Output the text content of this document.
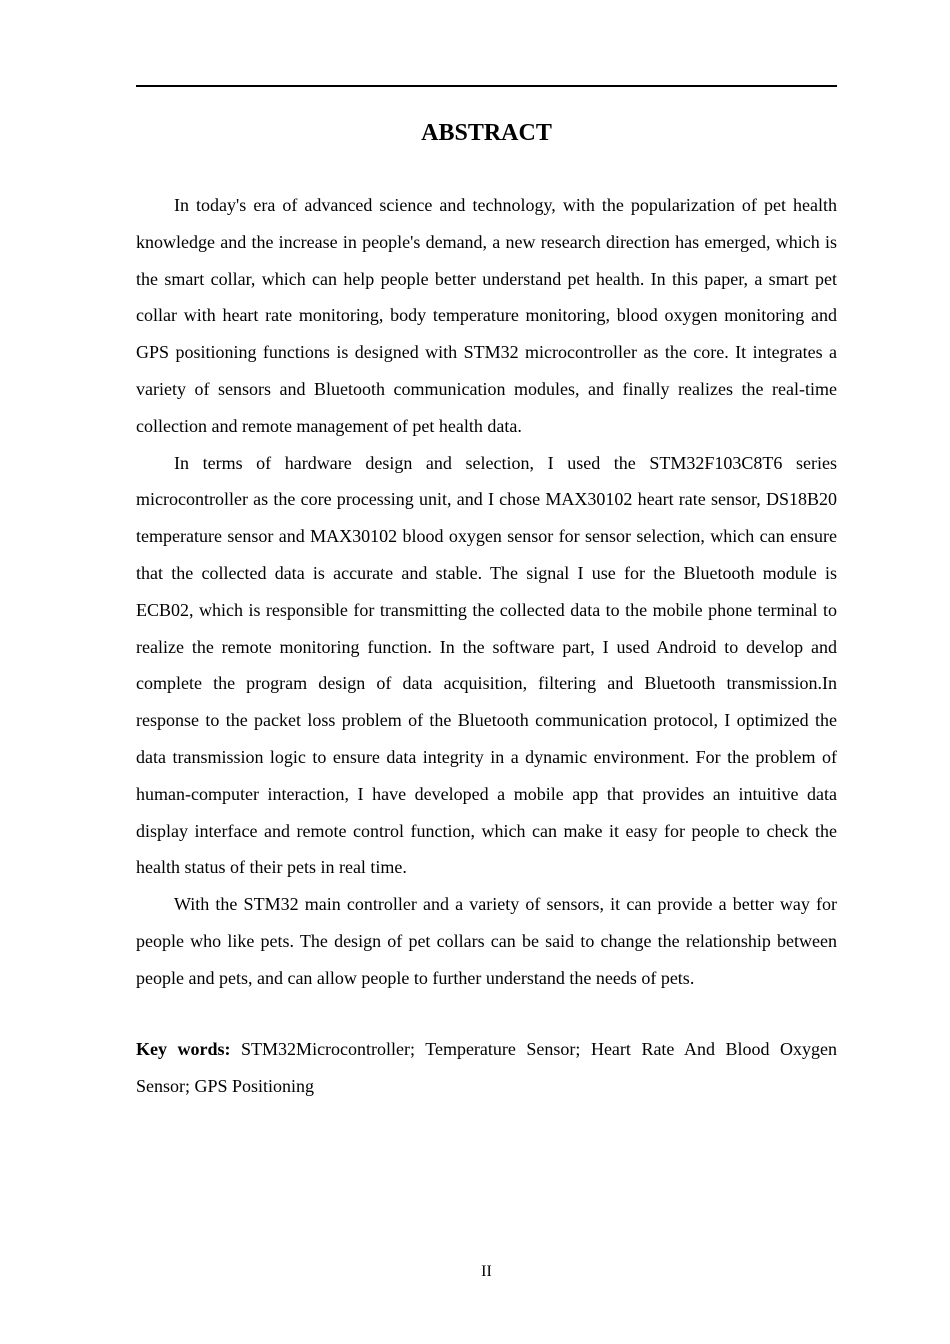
ABSTRACT

In today's era of advanced science and technology, with the popularization of pet health knowledge and the increase in people's demand, a new research direction has emerged, which is the smart collar, which can help people better understand pet health. In this paper, a smart pet collar with heart rate monitoring, body temperature monitoring, blood oxygen monitoring and GPS positioning functions is designed with STM32 microcontroller as the core. It integrates a variety of sensors and Bluetooth communication modules, and finally realizes the real-time collection and remote management of pet health data.

In terms of hardware design and selection, I used the STM32F103C8T6 series microcontroller as the core processing unit, and I chose MAX30102 heart rate sensor, DS18B20 temperature sensor and MAX30102 blood oxygen sensor for sensor selection, which can ensure that the collected data is accurate and stable. The signal I use for the Bluetooth module is ECB02, which is responsible for transmitting the collected data to the mobile phone terminal to realize the remote monitoring function. In the software part, I used Android to develop and complete the program design of data acquisition, filtering and Bluetooth transmission.In response to the packet loss problem of the Bluetooth communication protocol, I optimized the data transmission logic to ensure data integrity in a dynamic environment. For the problem of human-computer interaction, I have developed a mobile app that provides an intuitive data display interface and remote control function, which can make it easy for people to check the health status of their pets in real time.

With the STM32 main controller and a variety of sensors, it can provide a better way for people who like pets. The design of pet collars can be said to change the relationship between people and pets, and can allow people to further understand the needs of pets.

Key words: STM32Microcontroller; Temperature Sensor; Heart Rate And Blood Oxygen Sensor; GPS Positioning

II
